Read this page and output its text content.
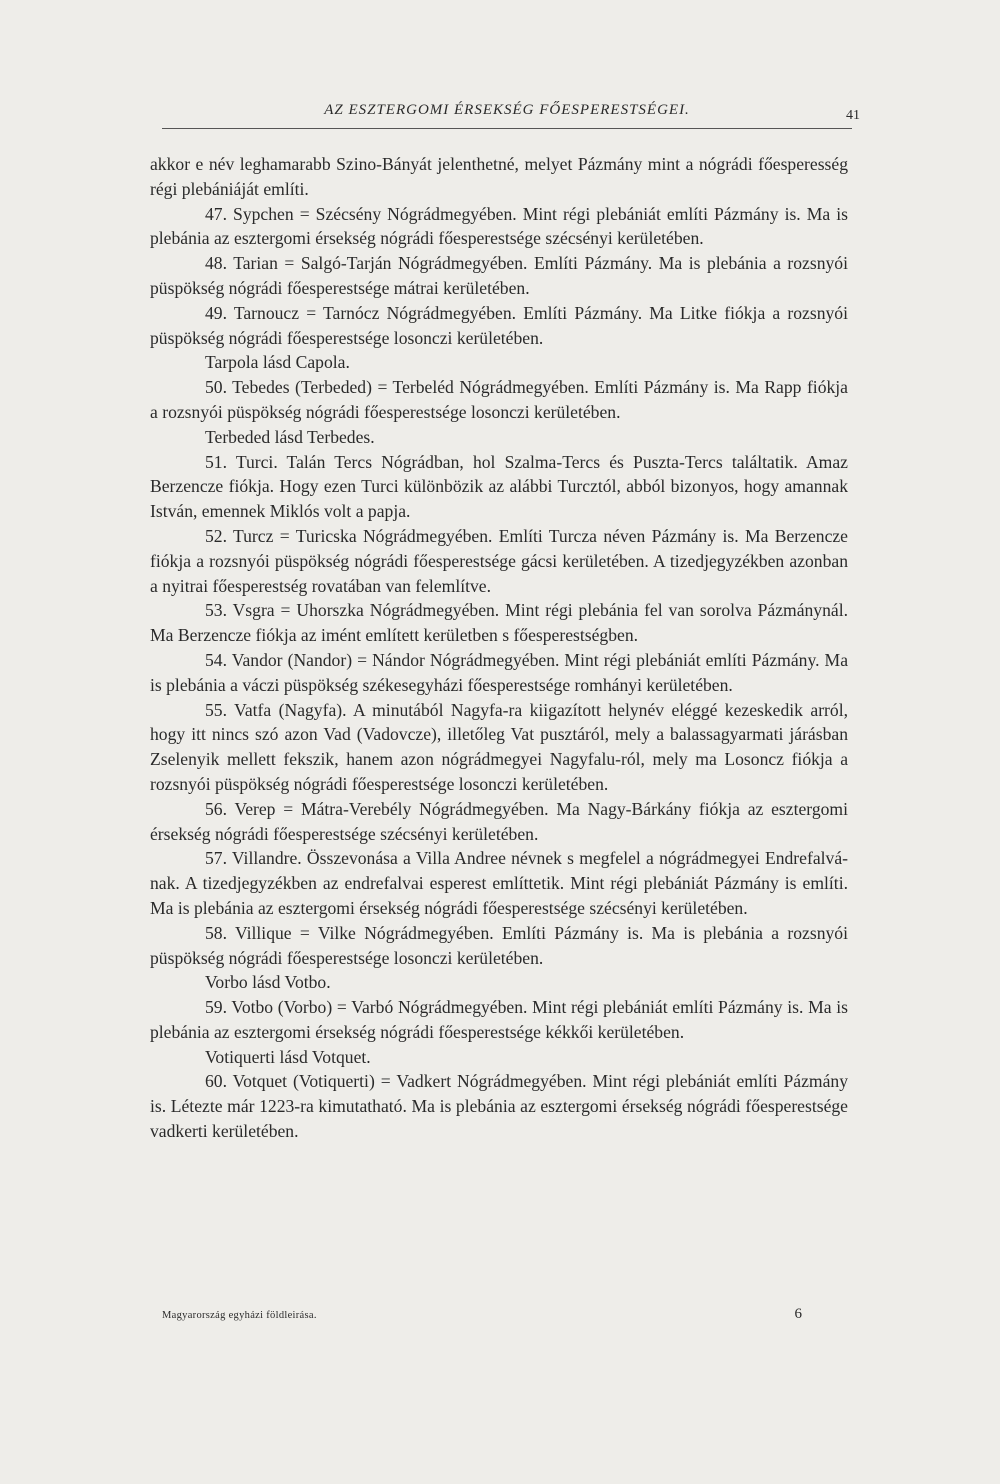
AZ ESZTERGOMI ÉRSEKSÉG FŐESPERESTSÉGEI.	41

akkor e név leghamarabb Szino-Bányát jelenthetné, melyet Pázmány mint a nógrádi főesperesség régi plebániáját említi.

47. Sypchen = Szécsény Nógrádmegyében. Mint régi plebániát említi Pázmány is. Ma is plebánia az esztergomi érsekség nógrádi főesperestsége szécsényi kerületében.

48. Tarian = Salgó-Tarján Nógrádmegyében. Említi Pázmány. Ma is plebánia a rozsnyói püspökség nógrádi főesperestsége mátrai kerületében.

49. Tarnoucz = Tarnócz Nógrádmegyében. Említi Pázmány. Ma Litke fiókja a rozsnyói püspökség nógrádi főesperestsége losonczi kerületében.

Tarpola lásd Capola.

50. Tebedes (Terbeded) = Terbeléd Nógrádmegyében. Említi Pázmány is. Ma Rapp fiókja a rozsnyói püspökség nógrádi főesperestsége losonczi kerületében.

Terbeded lásd Terbedes.

51. Turci. Talán Tercs Nógrádban, hol Szalma-Tercs és Puszta-Tercs találtatik. Amaz Berzencze fiókja. Hogy ezen Turci különbözik az alábbi Turcztól, abból bizonyos, hogy amannak István, emennek Miklós volt a papja.

52. Turcz = Turicska Nógrádmegyében. Említi Turcza néven Pázmány is. Ma Berzencze fiókja a rozsnyói püspökség nógrádi főesperestsége gácsi kerületében. A tizedjegyzékben azonban a nyitrai főesperestség rovatában van felemlítve.

53. Vsgra = Uhorszka Nógrádmegyében. Mint régi plebánia fel van sorolva Pázmánynál. Ma Berzencze fiókja az imént említett kerületben s főesperestségben.

54. Vandor (Nandor) = Nándor Nógrádmegyében. Mint régi plebániát említi Pázmány. Ma is plebánia a váczi püspökség székesegyházi főesperestsége romhányi kerületében.

55. Vatfa (Nagyfa). A minutából Nagyfa-ra kiigazított helynév eléggé kezeskedik arról, hogy itt nincs szó azon Vad (Vadovcze), illetőleg Vat pusztáról, mely a balassagyarmati járásban Zselenyik mellett fekszik, hanem azon nógrádmegyei Nagyfalu-ról, mely ma Losoncz fiókja a rozsnyói püspökség nógrádi főesperestsége losonczi kerületében.

56. Verep = Mátra-Verebély Nógrádmegyében. Ma Nagy-Bárkány fiókja az esztergomi érsekség nógrádi főesperestsége szécsényi kerületében.

57. Villandre. Összevonása a Villa Andree névnek s megfelel a nógrádmegyei Endrefalvá-nak. A tizedjegyzékben az endrefalvai esperest említtetik. Mint régi plebániát Pázmány is említi. Ma is plebánia az esztergomi érsekség nógrádi főesperestsége szécsényi kerületében.

58. Villique = Vilke Nógrádmegyében. Említi Pázmány is. Ma is plebánia a rozsnyói püspökség nógrádi főesperestsége losonczi kerületében.

Vorbo lásd Votbo.

59. Votbo (Vorbo) = Varbó Nógrádmegyében. Mint régi plebániát említi Pázmány is. Ma is plebánia az esztergomi érsekség nógrádi főesperestsége kékkői kerületében.

Votiquerti lásd Votquet.

60. Votquet (Votiquerti) = Vadkert Nógrádmegyében. Mint régi plebániát említi Pázmány is. Létezte már 1223-ra kimutatható. Ma is plebánia az esztergomi érsekség nógrádi főesperestsége vadkerti kerületében.

Magyarország egyházi földleirása.	6
